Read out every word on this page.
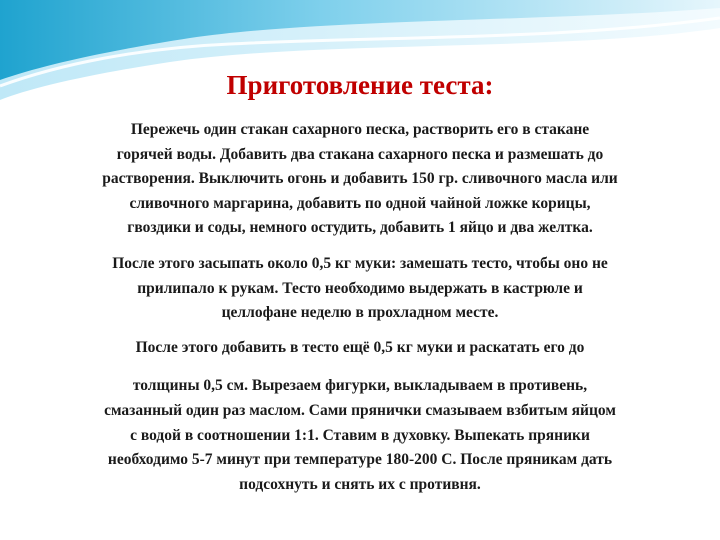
Приготовление теста:
Пережечь один стакан сахарного песка, растворить его в стакане
горячей воды. Добавить два стакана сахарного песка и размешать до
растворения. Выключить огонь и добавить 150 гр. сливочного масла или
сливочного маргарина, добавить по одной чайной ложке корицы,
гвоздики и соды, немного остудить, добавить 1 яйцо и два желтка.
После этого засыпать около 0,5 кг муки: замешать тесто, чтобы оно не
прилипало к рукам. Тесто необходимо выдержать в кастрюле и
целлофане неделю в прохладном месте.
После этого добавить в тесто ещё 0,5 кг муки и раскатать его до
толщины 0,5 см. Вырезаем фигурки, выкладываем в противень,
смазанный один раз маслом. Сами прянички смазываем взбитым яйцом
с водой в соотношении 1:1. Ставим в духовку. Выпекать пряники
необходимо 5-7 минут при температуре 180-200 С. После пряникам дать
подсохнуть и снять их с противня.
